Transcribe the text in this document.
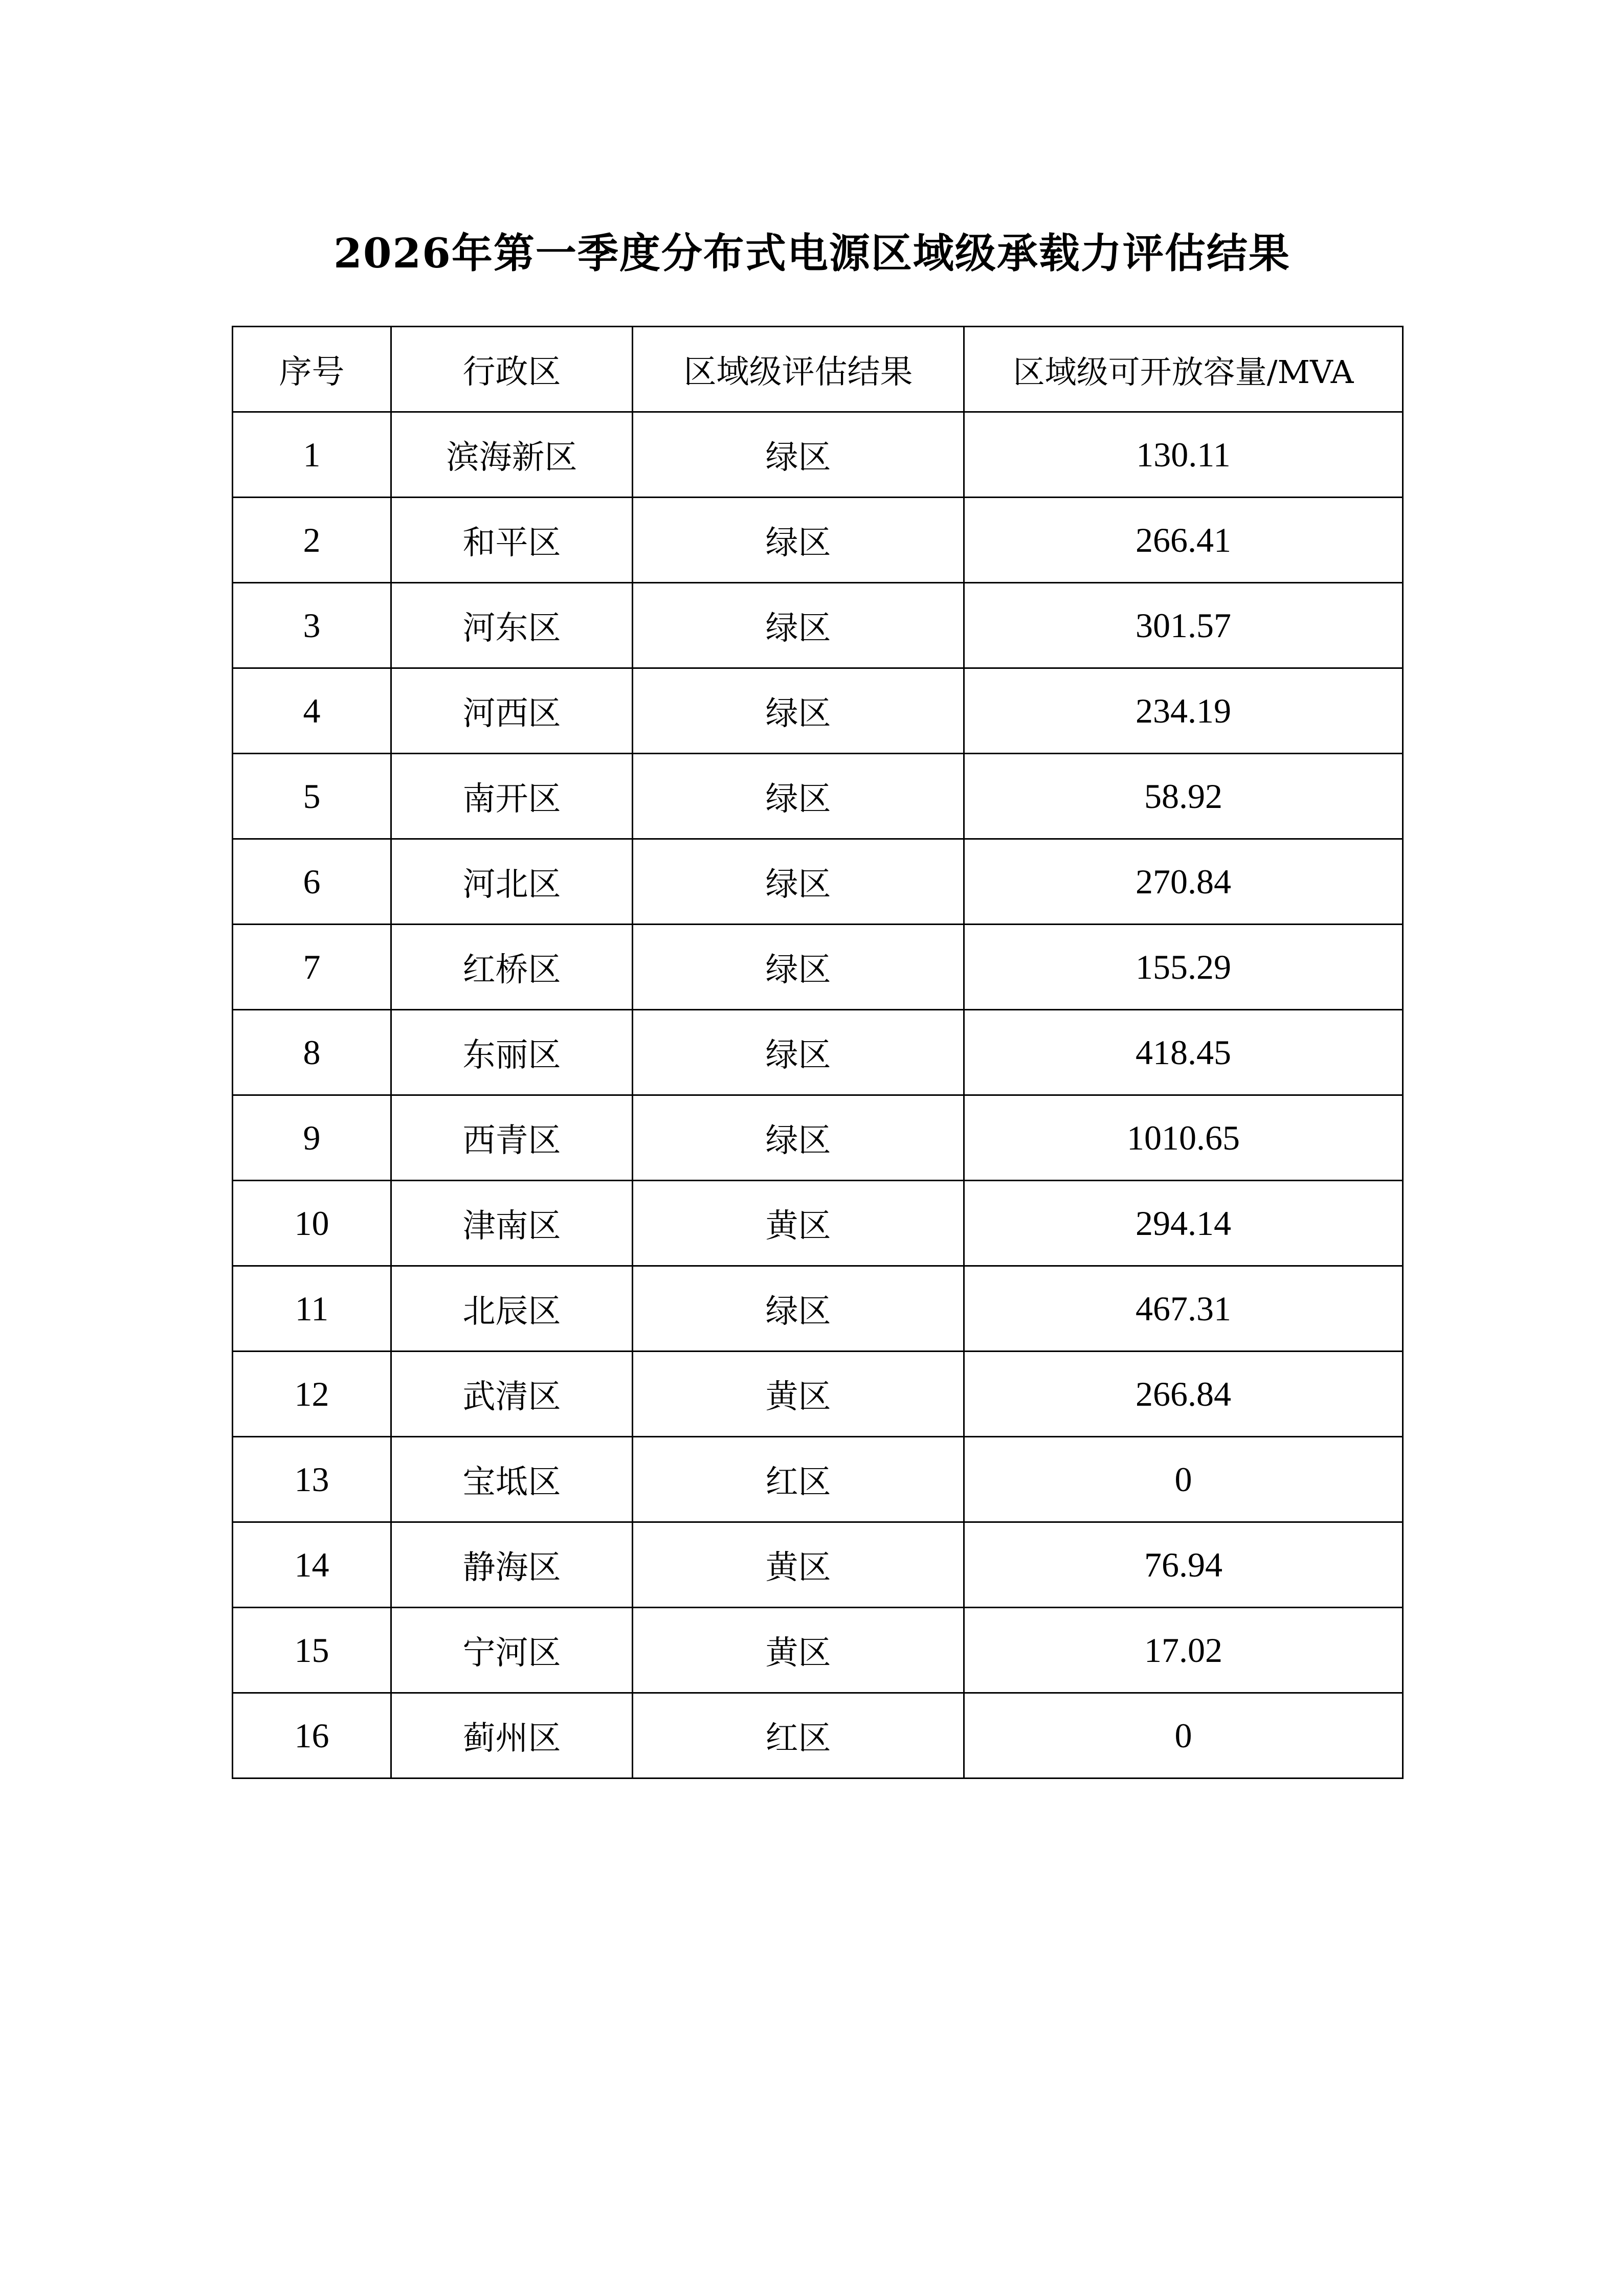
2026年第一季度分布式电源区域级承载力评估结果
序号	行政区	区域级评估结果	区域级可开放容量/MVA
1	滨海新区	绿区	130.11
2	和平区	绿区	266.41
3	河东区	绿区	301.57
4	河西区	绿区	234.19
5	南开区	绿区	58.92
6	河北区	绿区	270.84
7	红桥区	绿区	155.29
8	东丽区	绿区	418.45
9	西青区	绿区	1010.65
10	津南区	黄区	294.14
11	北辰区	绿区	467.31
12	武清区	黄区	266.84
13	宝坻区	红区	0
14	静海区	黄区	76.94
15	宁河区	黄区	17.02
16	蓟州区	红区	0
